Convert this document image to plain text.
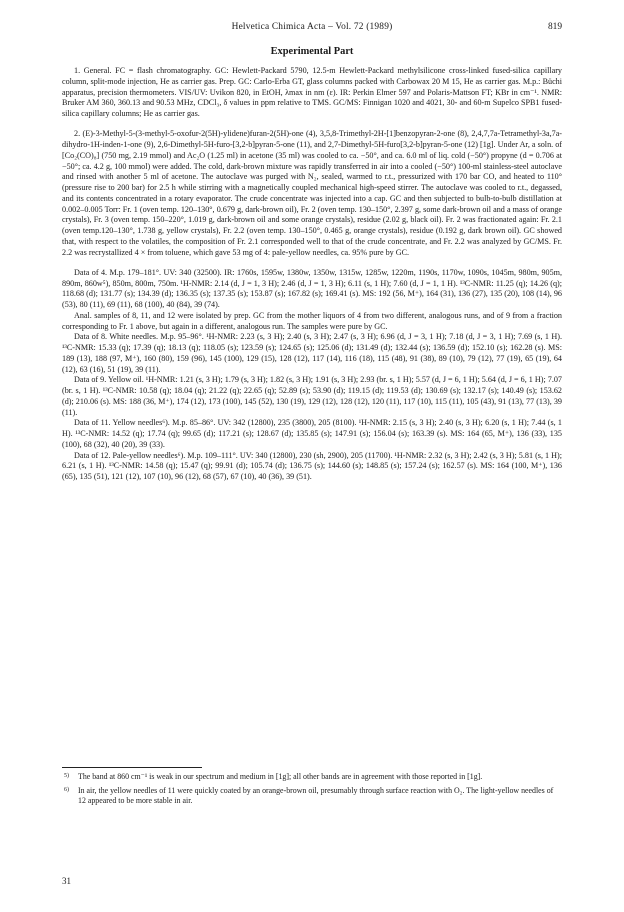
Helvetica Chimica Acta – Vol. 72 (1989)	819
Experimental Part

1. General. FC = flash chromatography. GC: Hewlett-Packard 5790, 12.5-m Hewlett-Packard methylsilicone cross-linked fused-silica capillary column, split-mode injection, He as carrier gas. Prep. GC: Carlo-Erba GT, glass columns packed with Carbowax 20 M 15, He as carrier gas. M.p.: Büchi apparatus, precision thermometers. VIS/UV: Uvikon 820, in EtOH, λmax in nm (ε). IR: Perkin Elmer 597 and Polaris-Mattson FT; KBr in cm⁻¹. NMR: Bruker AM 360, 360.13 and 90.53 MHz, CDCl₃, δ values in ppm relative to TMS. GC/MS: Finnigan 1020 and 4021, 30- and 60-m Supelco SPB1 fused-silica capillary columns; He as carrier gas.

2. (E)-3-Methyl-5-(3-methyl-5-oxofur-2(5H)-ylidene)furan-2(5H)-one (4), 3,5,8-Trimethyl-2H-[1]benzopyran-2-one (8), 2,4,7,7a-Tetramethyl-3a,7a-dihydro-1H-inden-1-one (9), 2,6-Dimethyl-5H-furo-[3,2-b]pyran-5-one (11), and 2,7-Dimethyl-5H-furo[3,2-b]pyran-5-one (12) [1g]. Under Ar, a soln. of [Co₂(CO)₈] (750 mg, 2.19 mmol) and Ac₂O (1.25 ml) in acetone (35 ml) was cooled to ca. −50°, and ca. 6.0 ml of liq. cold (−50°) propyne (d = 0.706 at −50°; ca. 4.2 g, 100 mmol) were added. The cold, dark-brown mixture was rapidly transferred in air into a cooled (−50°) 100-ml stainless-steel autoclave and rinsed with another 5 ml of acetone. The autoclave was purged with N₂, sealed, warmed to r.t., pressurized with 170 bar CO, and heated to 110° (pressure rise to 200 bar) for 2.5 h while stirring with a magnetically coupled mechanical high-speed stirrer. The autoclave was cooled to r.t., degassed, and its contents concentrated in a rotary evaporator. The crude concentrate was injected into a cap. GC and then subjected to bulb-to-bulb distillation at 0.002–0.005 Torr: Fr. 1 (oven temp. 120–130°, 0.679 g, dark-brown oil), Fr. 2 (oven temp. 130–150°, 2.397 g, some dark-brown oil and a mass of orange crystals), Fr. 3 (oven temp. 150–220°, 1.019 g, dark-brown oil and some orange crystals), residue (2.02 g, black oil). Fr. 2 was fractionated again: Fr. 2.1 (oven temp.120–130°, 1.738 g, yellow crystals), Fr. 2.2 (oven temp. 130–150°, 0.465 g, orange crystals), residue (0.192 g, dark brown oil). GC showed that, with respect to the volatiles, the composition of Fr. 2.1 corresponded well to that of the crude concentrate, and Fr. 2.2 was analyzed by GC/MS. Fr. 2.2 was recrystallized 4 × from toluene, which gave 53 mg of 4: pale-yellow needles, ca. 95% pure by GC.

Data of 4. M.p. 179–181°. UV: 340 (32500). IR: 1760s, 1595w, 1380w, 1350w, 1315w, 1285w, 1220m, 1190s, 1170w, 1090s, 1045m, 980m, 905m, 890m, 860w⁵), 850m, 800m, 750m. ¹H-NMR: 2.14 (d, J = 1, 3 H); 2.46 (d, J = 1, 3 H); 6.11 (s, 1 H); 7.60 (d, J = 1, 1 H). ¹³C-NMR: 11.25 (q); 14.26 (q); 118.68 (d); 131.77 (s); 134.39 (d); 136.35 (s); 137.35 (s); 153.87 (s); 167.82 (s); 169.41 (s). MS: 192 (56, M⁺), 164 (31), 136 (27), 135 (20), 108 (14), 96 (53), 80 (11), 69 (11), 68 (100), 40 (84), 39 (74).

Anal. samples of 8, 11, and 12 were isolated by prep. GC from the mother liquors of 4 from two different, analogous runs, and of 9 from a fraction corresponding to Fr. 1 above, but again in a different, analogous run. The samples were pure by GC.

Data of 8. White needles. M.p. 95–96°. ¹H-NMR: 2.23 (s, 3 H); 2.40 (s, 3 H); 2.47 (s, 3 H); 6.96 (d, J = 3, 1 H); 7.18 (d, J = 3, 1 H); 7.69 (s, 1 H). ¹³C-NMR: 15.33 (q); 17.39 (q); 18.13 (q); 118.05 (s); 123.59 (s); 124.65 (s); 125.06 (d); 131.49 (d); 132.44 (s); 136.59 (d); 152.10 (s); 162.28 (s). MS: 189 (13), 188 (97, M⁺), 160 (80), 159 (96), 145 (100), 129 (15), 128 (12), 117 (14), 116 (18), 115 (48), 91 (38), 89 (10), 79 (12), 77 (19), 65 (19), 64 (12), 63 (16), 51 (19), 39 (11).

Data of 9. Yellow oil. ¹H-NMR: 1.21 (s, 3 H); 1.79 (s, 3 H); 1.82 (s, 3 H); 1.91 (s, 3 H); 2.93 (br. s, 1 H); 5.57 (d, J = 6, 1 H); 5.64 (d, J = 6, 1 H); 7.07 (br. s, 1 H). ¹³C-NMR: 10.58 (q); 18.04 (q); 21.22 (q); 22.65 (q); 52.89 (s); 53.90 (d); 119.15 (d); 119.53 (d); 130.69 (s); 132.17 (s); 140.49 (s); 153.62 (d); 210.06 (s). MS: 188 (36, M⁺), 174 (12), 173 (100), 145 (52), 130 (19), 129 (12), 128 (12), 120 (11), 117 (10), 115 (11), 105 (43), 91 (13), 77 (13), 39 (11).

Data of 11. Yellow needles⁶). M.p. 85–86°. UV: 342 (12800), 235 (3800), 205 (8100). ¹H-NMR: 2.15 (s, 3 H); 2.40 (s, 3 H); 6.20 (s, 1 H); 7.44 (s, 1 H). ¹³C-NMR: 14.52 (q); 17.74 (q); 99.65 (d); 117.21 (s); 128.67 (d); 135.85 (s); 147.91 (s); 156.04 (s); 163.39 (s). MS: 164 (65, M⁺), 136 (33), 135 (100), 68 (32), 40 (20), 39 (33).

Data of 12. Pale-yellow needles⁶). M.p. 109–111°. UV: 340 (12800), 230 (sh, 2900), 205 (11700). ¹H-NMR: 2.32 (s, 3 H); 2.42 (s, 3 H); 5.81 (s, 1 H); 6.21 (s, 1 H). ¹³C-NMR: 14.58 (q); 15.47 (q); 99.91 (d); 105.74 (d); 136.75 (s); 144.60 (s); 148.85 (s); 157.24 (s); 162.57 (s). MS: 164 (100, M⁺), 136 (65), 135 (51), 121 (12), 107 (10), 96 (12), 68 (57), 67 (10), 40 (36), 39 (51).

5) The band at 860 cm⁻¹ is weak in our spectrum and medium in [1g]; all other bands are in agreement with those reported in [1g].
6) In air, the yellow needles of 11 were quickly coated by an orange-brown oil, presumably through surface reaction with O₂. The light-yellow needles of 12 appeared to be more stable in air.
31
